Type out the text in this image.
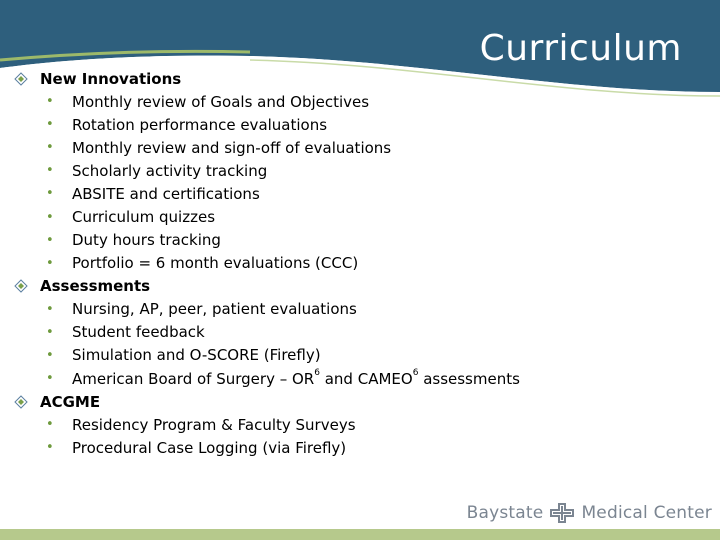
Curriculum
New Innovations
•	Monthly review of Goals and Objectives
•	Rotation performance evaluations
•	Monthly review and sign-off of evaluations
•	Scholarly activity tracking
•	ABSITE and certifications
•	Curriculum quizzes
•	Duty hours tracking
•	Portfolio = 6 month evaluations (CCC)
Assessments
•	Nursing, AP, peer, patient evaluations
•	Student feedback
•	Simulation and O-SCORE (Firefly)
•	American Board of Surgery – $OR^6$ and CAMEO$^6$ assessments
ACGME
•	Residency Program & Faculty Surveys
•	Procedural Case Logging (via Firefly)
Baystate Medical Center
